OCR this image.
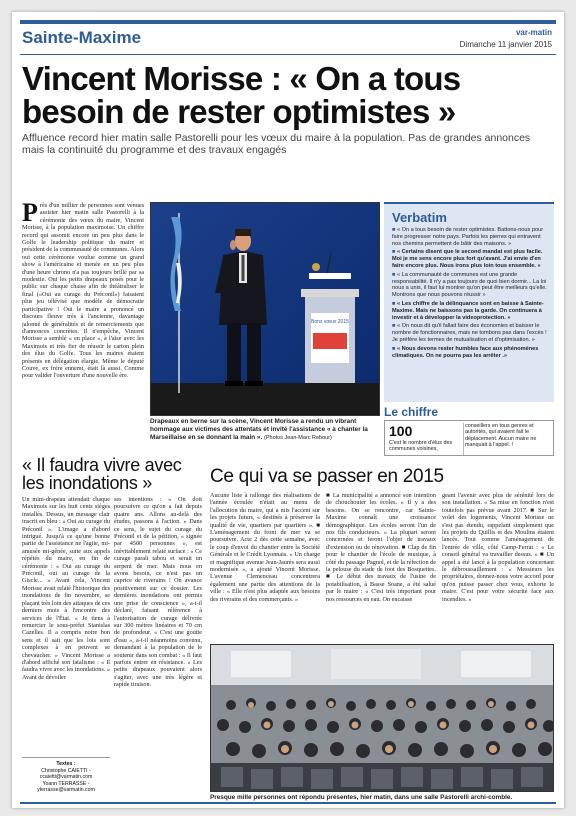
Sainte-Maxime	var-matin
Dimanche 11 janvier 2015
Vincent Morisse : « On a tous besoin de rester optimistes »
Affluence record hier matin salle Pastorelli pour les vœux du maire à la population. Pas de grandes annonces mais la continuité du programme et des travaux engagés
Près d'un millier de personnes sont venues assister hier matin salle Pastorelli à la cérémonie des vœux du maire, Vincent Morisse, à la population maximoise. Un chiffre record qui assomit encore un peu plus dans le Golfe le leadership politique du maire et président de la communauté de communes. Alors oui cette cérémonie voulue comme un grand show à l'américaine et menée en un peu plus d'une heure chrono n'a pas toujours brillé par sa modestie. Oui les petits drapeaux posés pour le public sur chaque chaise afin de théâtraliser le final («Oui au curage du Préconil») faisaient plus jeu télévisé que modèle de démocratie participative ! Oui le maire a prononcé un discours fleuve très à l'ancienne, davantage jalonné de généralités et de remerciements que d'annonces concrètes. Il n'empêche, Vincent Morisse a semblé « en place », à l'aise avec les Maximois et très fier de réussir le carton plein des élus du Golfe. Tous les maires étaient présents en délégation élargie. Même le député Couve, ex frère ennemi, était là aussi. Comme pour valider l'ouverture d'une nouvelle ère.
Bons vœux 2015
Drapeaux en berne sur la scène, Vincent Morisse a rendu un vibrant hommage aux victimes des attentats et invité l'assistance « à chanter la Marseillaise en se donnant la main ». (Photos Jean-Marc Rebour)
Verbatim

■ « On a tous besoin de rester optimistes. Battons-nous pour faire progresser notre pays. Parfois les pierres qui entravent nos chemins permettent de bâtir des maisons. »

■ « Certains disent que le second mandat est plus facile. Moi je me sens encore plus fort qu'avant. J'ai envie d'en faire encore plus. Nous irons plus loin tous ensemble. »

■ « La communauté de communes est une grande responsabilité. Il n'y a pas toujours de quoi bien dormir... La loi nous a unis, il faut lui montrer qu'on peut être meilleurs qu'elle. Montrons que nous pouvons réussir »

■ « Les chiffre de la délinquance sont en baisse à Sainte-Maxime. Mais ne baissons pas la garde. On continuera à investir et à développer la videoprotection. »

■ « On nous dit qu'il fallait faire des économies et baisser le nombre de fonctionnaires, mais ne tombons pas dans l'excès ! Je préfère les termes de mutualisation et d'optimisation. »

■ « Nous devons rester humbles face aux phénomènes climatiques. On ne pourra pas les arrêter .»

Le chiffre
100
C'est le nombre d'élus des communes voisines,
conseillers en tous genres et autorités, qui avaient fait le déplacement. Aucun maire ne manquait à l'appel. !
« Il faudra vivre avec les inondations »
Un mini-drapeau attendait chaque Maximois sur les huit cents sièges installés. Dessus, un message clair inscrit en bleu : « Oui au curage du Préconil ». L'image a d'abord intrigué. Jusqu'à ce qu'une bonne partie de l'assistance ne l'agite, mi-amusée mi-gênée, suite aux appels répétés du maire, en fin de cérémonie : « Oui au curage du Préconil, oui au curage de la Giscle... » Avant cela, Vincent Morisse avait relaté l'historique des inondations de fin novembre, se plaçant très loin des attaques de ces derniers mois à l'encontre des services de l'État. « Je tiens à remercier le sous-préfet Stanislas Cazelles. Il a compris notre bon sens et il sait que les lois sont complexes à en peuvent se chevaucher. » Vincent Morisse a d'abord affiché son fatalisme : « Il faudra vivre avec les inondations. » Avant de dévoiler
ses intentions : « On doit poursuivre ce qu'on a fait depuis quatre ans. Allons au-delà des études, passons à l'action. » Dans ce sens, le sujet du curage du Préconil et de la pétition, « signée par 4500 personnes », est inévitablement relaté surface : « Ce curage paraît tabou et serait un serpent de mer. Mais nous en avons besoin, ce n'est pas un caprice de riverains ! On avance positivement sur ce dossier. Les dernières inondations ont permis une prise de conscience », a-t-il déclaré, faisant référence à l'autorisation de curage délivrée sur 300 mètres linéaires et 70 cm de profondeur. « C'est une goutte d'eau », a-t-il néanmoins convenu, demandant à la population de le soutenir dans son combat : « Il faut parfois entrer en résistance. » Les petits drapeaux pouvaient alors s'agiter, avec une très légère et rapide tiraison.
Textes :
Christophe CAIETTI - ccaietti@varmatin.com
Yoann TERRASSE - yterrasse@varmatin.com
Ce qui va se passer en 2015
Aucune liste à rallonge des réalisations de l'année écoulée n'était au menu de l'allocution du maire, qui a mis l'accent sur les projets futurs, « destinés à préserver la qualité de vie, quartiers par quartiers ». ■ L'aménagement du front de mer va se poursuivre. Acte 2 dès cette semaine, avec le coup d'envoi du chantier entre la Société Générale et le Crédit Lyonnais. « Un charge et magnifique avenue Jean-Jaurès sera aussi modernisée », a ajouté Vincent Morisse. L'avenue Clemenceau concentrera également une partie des attentions de la ville : « Elle n'est plus adaptée aux besoins des riverains et des commerçants. »
■ La municipalité a annoncé son intention de chouchouter les écoles. « Il y a des besoins. On se rencontre, car Sainte-Maxime connaît une croissance démographique. Les écoles seront l'un de nos fils conducteurs. » La plupart seront concernées et feront l'objet de travaux d'extension ou de rénovation. ■ Clap de fin pour le chantier de l'école de musique, à côté du passage Pagnol, et de la réfection de la pelouse du stade de foot des Bosquettes. ■ Le début des travaux de l'usine de potabilisation, à Basse Soane, a été salué par le maire : « C'est très important pour nos ressources en eau. On encaisse
geant l'avenir avec plus de sérénité lors de son installation. « Sa mise en fonction n'est toutefois pas prévue avant 2017. ■ Sur le volet des logements, Vincent Morisse ne s'est pas étendu, rappelant simplement que les projets du Quillis et des Moulins étaient lancés. Tout comme l'aménagement de l'entrée de ville, côté Camp-Ferrat : « Le conseil général va travailler dessus. » ■ Un appel a été lancé à la population concernant le débroussaillement : « Messieurs les propriétaires, donnez-nous votre accord pour qu'on puisse passer chez vous, exhorte le maire. C'est pour votre sécurité face aux incendies. »
Presque mille personnes ont répondu présentes, hier matin, dans une salle Pastorelli archi-comble.
